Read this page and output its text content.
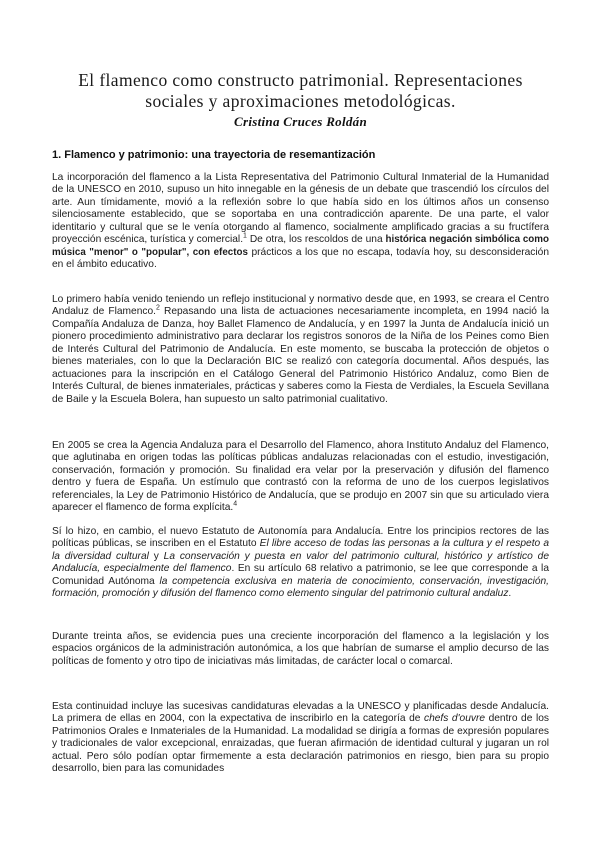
El flamenco como constructo patrimonial. Representaciones
sociales y aproximaciones metodológicas.
Cristina Cruces Roldán
1. Flamenco y patrimonio: una trayectoria de resemantización
La incorporación del flamenco a la Lista Representativa del Patrimonio Cultural Inmaterial de la Humanidad de la UNESCO en 2010, supuso un hito innegable en la génesis de un debate que trascendió los círculos del arte. Aun tímidamente, movió a la reflexión sobre lo que había sido en los últimos años un consenso silenciosamente establecido, que se soportaba en una contradicción aparente. De una parte, el valor identitario y cultural que se le venía otorgando al flamenco, socialmente amplificado gracias a su fructífera proyección escénica, turística y comercial.$^1$ De otra, los rescoldos de una histórica negación simbólica como música "menor" o "popular", con efectos prácticos a los que no escapa, todavía hoy, su desconsideración en el ámbito educativo.
Lo primero había venido teniendo un reflejo institucional y normativo desde que, en 1993, se creara el Centro Andaluz de Flamenco.$^2$ Repasando una lista de actuaciones necesariamente incompleta, en 1994 nació la Compañía Andaluza de Danza, hoy Ballet Flamenco de Andalucía, y en 1997 la Junta de Andalucía inició un pionero procedimiento administrativo para declarar los registros sonoros de la Niña de los Peines como Bien de Interés Cultural del Patrimonio de Andalucía. En este momento, se buscaba la protección de objetos o bienes materiales, con lo que la Declaración BIC se realizó con categoría documental. Años después, las actuaciones para la inscripción en el Catálogo General del Patrimonio Histórico Andaluz, como Bien de Interés Cultural, de bienes inmateriales, prácticas y saberes como la Fiesta de Verdiales, la Escuela Sevillana de Baile y la Escuela Bolera, han supuesto un salto patrimonial cualitativo.
En 2005 se crea la Agencia Andaluza para el Desarrollo del Flamenco, ahora Instituto Andaluz del Flamenco, que aglutinaba en origen todas las políticas públicas andaluzas relacionadas con el estudio, investigación, conservación, formación y promoción. Su finalidad era velar por la preservación y difusión del flamenco dentro y fuera de España. Un estímulo que contrastó con la reforma de uno de los cuerpos legislativos referenciales, la Ley de Patrimonio Histórico de Andalucía, que se produjo en 2007 sin que su articulado viera aparecer el flamenco de forma explícita.$^4$
Sí lo hizo, en cambio, el nuevo Estatuto de Autonomía para Andalucía. Entre los principios rectores de las políticas públicas, se inscriben en el Estatuto El libre acceso de todas las personas a la cultura y el respeto a la diversidad cultural y La conservación y puesta en valor del patrimonio cultural, histórico y artístico de Andalucía, especialmente del flamenco. En su artículo 68 relativo a patrimonio, se lee que corresponde a la Comunidad Autónoma la competencia exclusiva en materia de conocimiento, conservación, investigación, formación, promoción y difusión del flamenco como elemento singular del patrimonio cultural andaluz.
Durante treinta años, se evidencia pues una creciente incorporación del flamenco a la legislación y los espacios orgánicos de la administración autonómica, a los que habrían de sumarse el amplio decurso de las políticas de fomento y otro tipo de iniciativas más limitadas, de carácter local o comarcal.
Esta continuidad incluye las sucesivas candidaturas elevadas a la UNESCO y planificadas desde Andalucía. La primera de ellas en 2004, con la expectativa de inscribirlo en la categoría de chefs d'ouvre dentro de los Patrimonios Orales e Inmateriales de la Humanidad. La modalidad se dirigía a formas de expresión populares y tradicionales de valor excepcional, enraizadas, que fueran afirmación de identidad cultural y jugaran un rol actual. Pero sólo podían optar firmemente a esta declaración patrimonios en riesgo, bien para su propio desarrollo, bien para las comunidades
